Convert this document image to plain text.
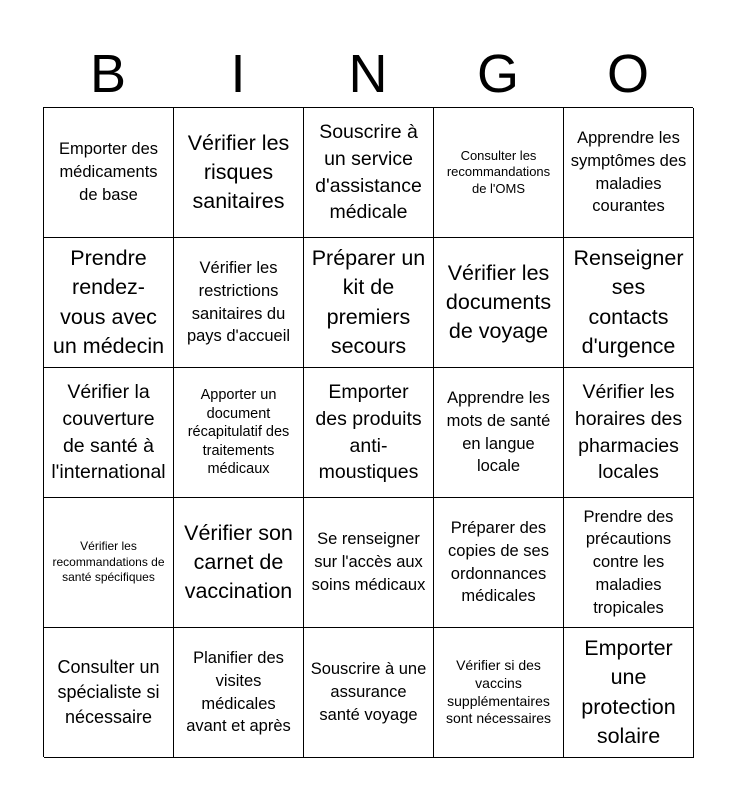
B	I	N	G	O
Emporter des médicaments de base
Vérifier les risques sanitaires
Souscrire à un service d'assistance médicale
Consulter les recommandations de l'OMS
Apprendre les symptômes des maladies courantes
Prendre rendez-vous avec un médecin
Vérifier les restrictions sanitaires du pays d'accueil
Préparer un kit de premiers secours
Vérifier les documents de voyage
Renseigner ses contacts d'urgence
Vérifier la couverture de santé à l'international
Apporter un document récapitulatif des traitements médicaux
Emporter des produits anti-moustiques
Apprendre les mots de santé en langue locale
Vérifier les horaires des pharmacies locales
Vérifier les recommandations de santé spécifiques
Vérifier son carnet de vaccination
Se renseigner sur l'accès aux soins médicaux
Préparer des copies de ses ordonnances médicales
Prendre des précautions contre les maladies tropicales
Consulter un spécialiste si nécessaire
Planifier des visites médicales avant et après
Souscrire à une assurance santé voyage
Vérifier si des vaccins supplémentaires sont nécessaires
Emporter une protection solaire
